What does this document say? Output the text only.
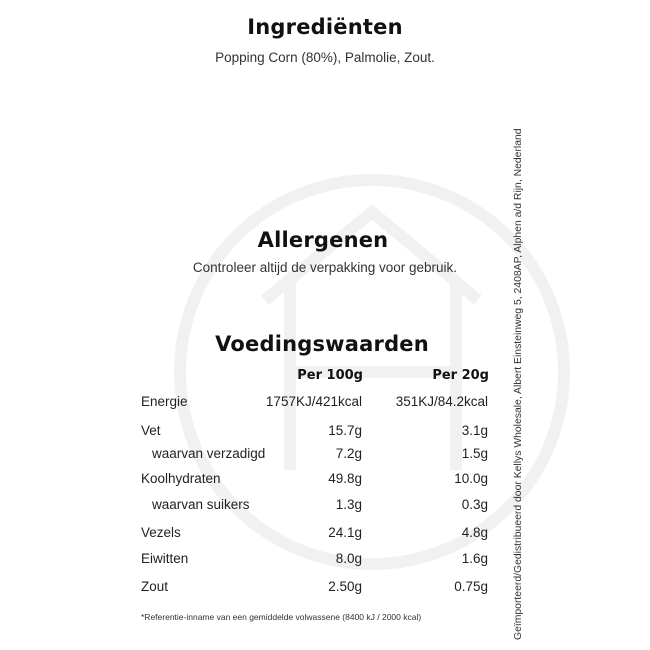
Ingrediënten
Popping Corn (80%), Palmolie, Zout.
Allergenen
Controleer altijd de verpakking voor gebruik.
Voedingswaarden
Per 100g	Per 20g
Energie	1757KJ/421kcal 351KJ/84.2kcal
Vet	15.7g	3.1g
waarvan verzadigd	7.2g	1.5g
Koolhydraten	49.8g	10.0g
waarvan suikers	1.3g	0.3g
Vezels	24.1g	4.8g
Eiwitten	8.0g	1.6g
Zout	2.50g	0.75g
*Referentie-inname van een gemiddelde volwassene (8400 kJ / 2000 kcal)	Geïmporteerd/Gedistribueerd door Kellys Wholesale, Albert Einsteinweg 5, 2408AP, Alphen a/d Rijn, Nederland
